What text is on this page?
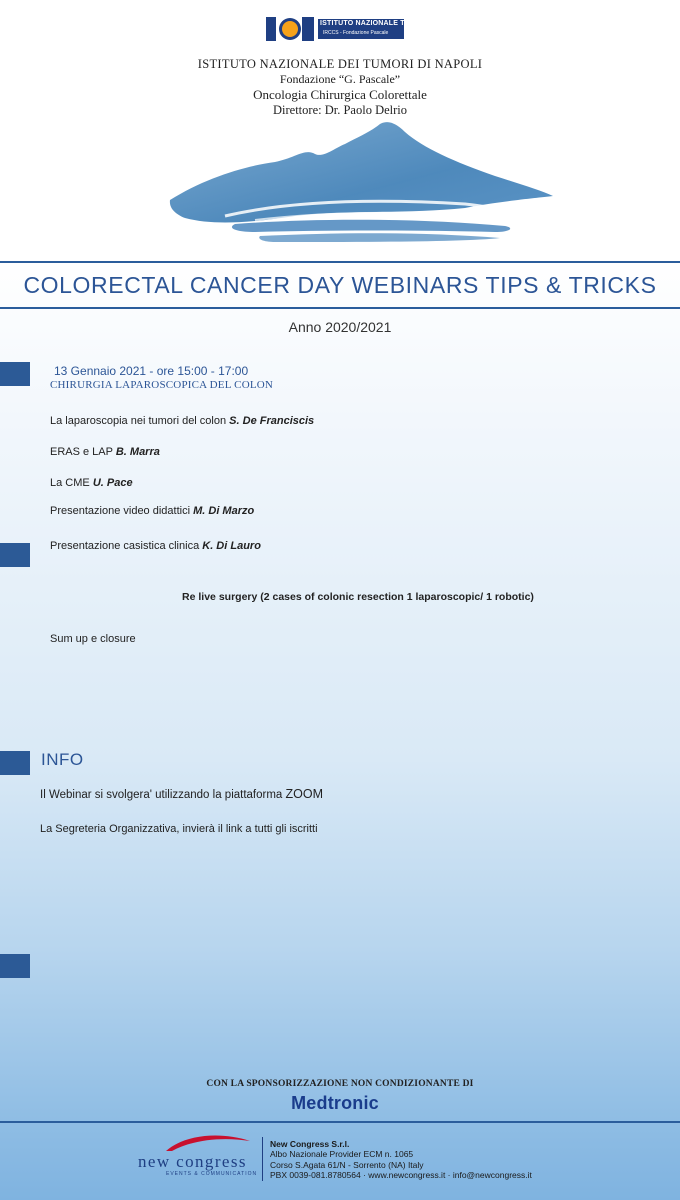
ISTITUTO NAZIONALE TUMORI
IRCCS - Fondazione Pascale
ISTITUTO NAZIONALE DEI TUMORI DI NAPOLI
Fondazione “G. Pascale”
Oncologia Chirurgica Colorettale
Direttore: Dr. Paolo Delrio
COLORECTAL CANCER DAY WEBINARS TIPS & TRICKS
Anno 2020/2021
13 Gennaio 2021 - ore 15:00 - 17:00
CHIRURGIA LAPAROSCOPICA DEL COLON
La laparoscopia nei tumori del colon S. De Franciscis
ERAS e LAP B. Marra
La CME U. Pace
Presentazione video didattici M. Di Marzo
Presentazione casistica clinica K. Di Lauro
Re live surgery (2 cases of colonic resection 1 laparoscopic/ 1 robotic)
Sum up e closure
INFO
Il Webinar si svolgera' utilizzando la piattaforma ZOOM
La Segreteria Organizzativa, invierà il link a tutti gli iscritti
CON LA SPONSORIZZAZIONE NON CONDIZIONANTE DI
Medtronic
new congress
EVENTS & COMMUNICATION
New Congress S.r.l.
Albo Nazionale Provider ECM n. 1065
Corso S.Agata 61/N - Sorrento (NA) Italy
PBX 0039-081.8780564 · www.newcongress.it · info@newcongress.it
